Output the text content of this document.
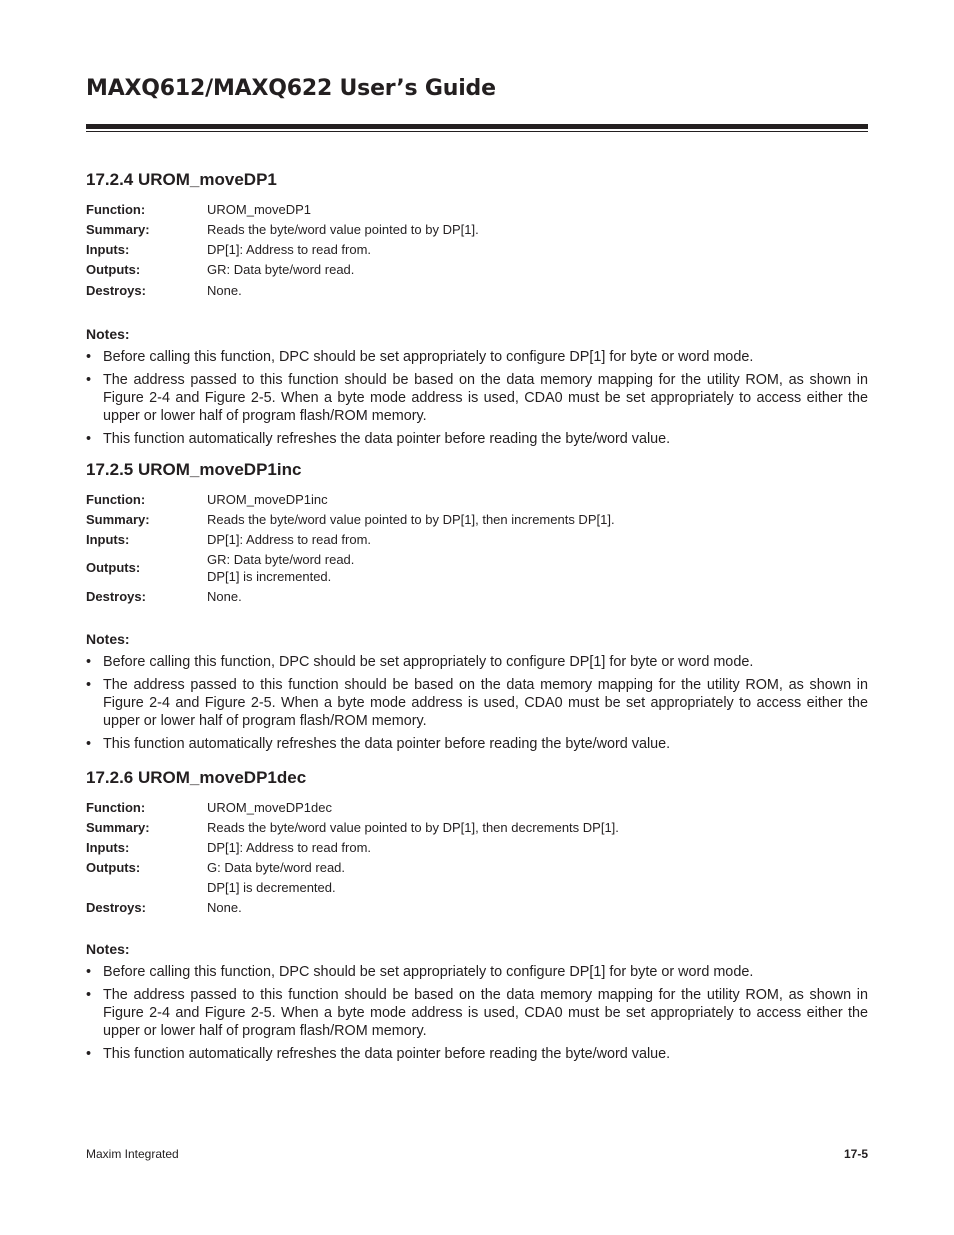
MAXQ612/MAXQ622 User’s Guide
17.2.4 UROM_moveDP1
Function:	UROM_moveDP1
Summary:	Reads the byte/word value pointed to by DP[1].
Inputs:	DP[1]: Address to read from.
Outputs:	GR: Data byte/word read.
Destroys:	None.
Notes:
• Before calling this function, DPC should be set appropriately to configure DP[1] for byte or word mode.
• The address passed to this function should be based on the data memory mapping for the utility ROM, as shown in Figure 2-4 and Figure 2-5. When a byte mode address is used, CDA0 must be set appropriately to access either the upper or lower half of program flash/ROM memory.
• This function automatically refreshes the data pointer before reading the byte/word value.
17.2.5 UROM_moveDP1inc
Function:	UROM_moveDP1inc
Summary:	Reads the byte/word value pointed to by DP[1], then increments DP[1].
Inputs:	DP[1]: Address to read from.
Outputs:
GR: Data byte/word read.
DP[1] is incremented.
Destroys:	None.
Notes:
• Before calling this function, DPC should be set appropriately to configure DP[1] for byte or word mode.
• The address passed to this function should be based on the data memory mapping for the utility ROM, as shown in Figure 2-4 and Figure 2-5. When a byte mode address is used, CDA0 must be set appropriately to access either the upper or lower half of program flash/ROM memory.
• This function automatically refreshes the data pointer before reading the byte/word value.
17.2.6 UROM_moveDP1dec
Function:	UROM_moveDP1dec
Summary:	Reads the byte/word value pointed to by DP[1], then decrements DP[1].
Inputs:	DP[1]: Address to read from.
Outputs:	G: Data byte/word read.
DP[1] is decremented.
Destroys:	None.
Notes:
• Before calling this function, DPC should be set appropriately to configure DP[1] for byte or word mode.
• The address passed to this function should be based on the data memory mapping for the utility ROM, as shown in Figure 2-4 and Figure 2-5. When a byte mode address is used, CDA0 must be set appropriately to access either the upper or lower half of program flash/ROM memory.
• This function automatically refreshes the data pointer before reading the byte/word value.
Maxim Integrated	17-5
